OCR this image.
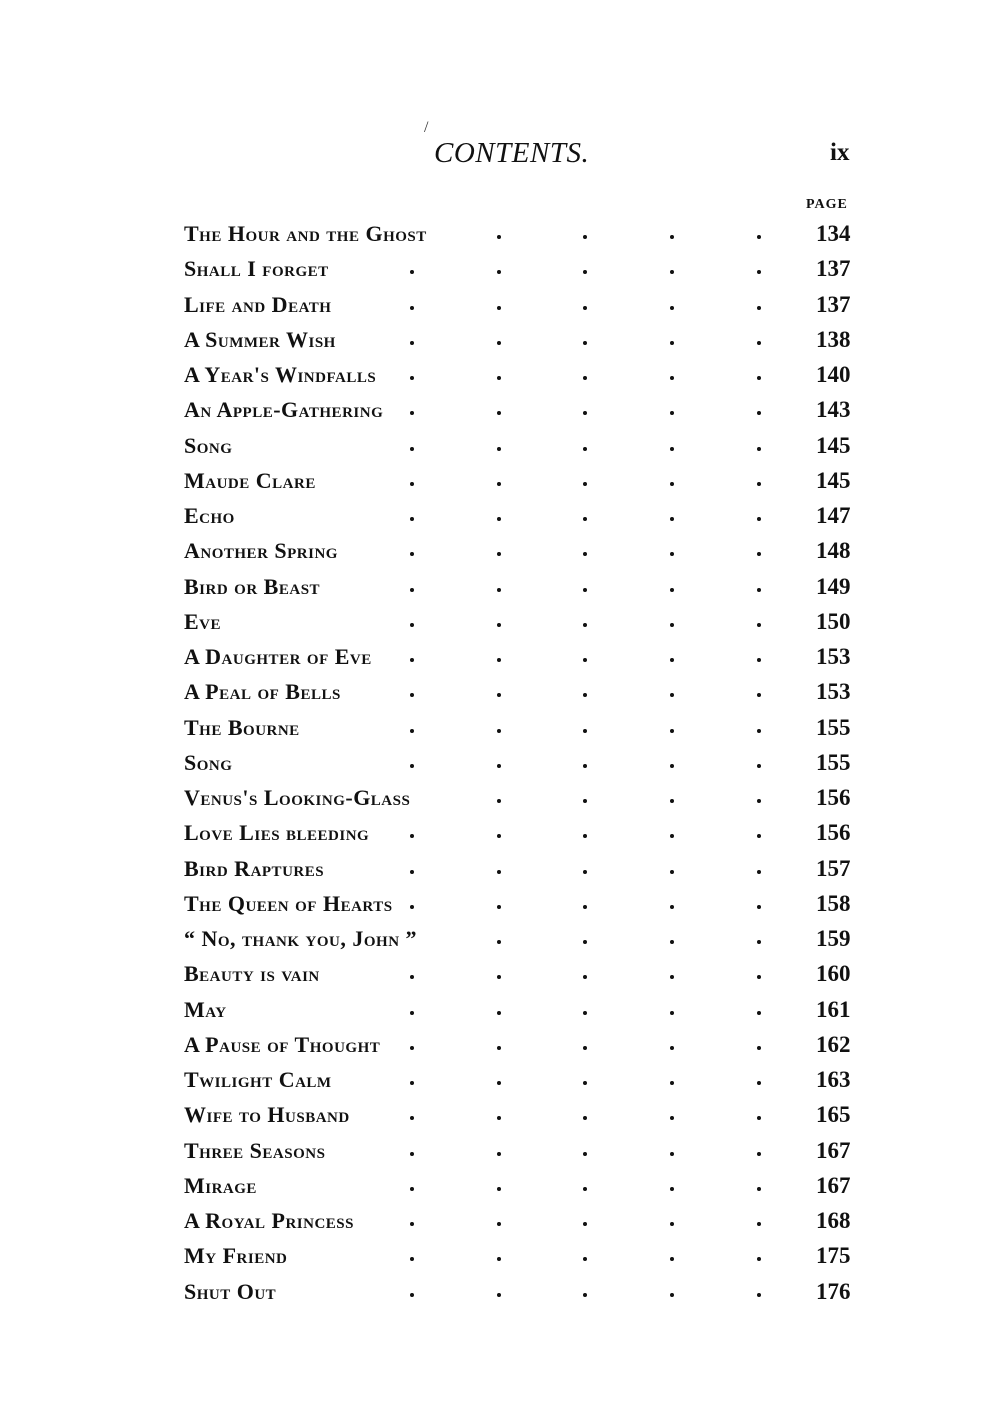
/
CONTENTS.	ix
PAGE
The Hour and the Ghost	134
Shall I forget	137
Life and Death	137
A Summer Wish	138
A Year's Windfalls	140
An Apple-Gathering	143
Song	145
Maude Clare	145
Echo	147
Another Spring	148
Bird or Beast	149
Eve	150
A Daughter of Eve	153
A Peal of Bells	153
The Bourne	155
Song	155
Venus's Looking-Glass	156
Love Lies bleeding	156
Bird Raptures	157
The Queen of Hearts	158
“ No, thank you, John ”	159
Beauty is vain	160
May	161
A Pause of Thought	162
Twilight Calm	163
Wife to Husband	165
Three Seasons	167
Mirage	167
A Royal Princess	168
My Friend	175
Shut Out	176
